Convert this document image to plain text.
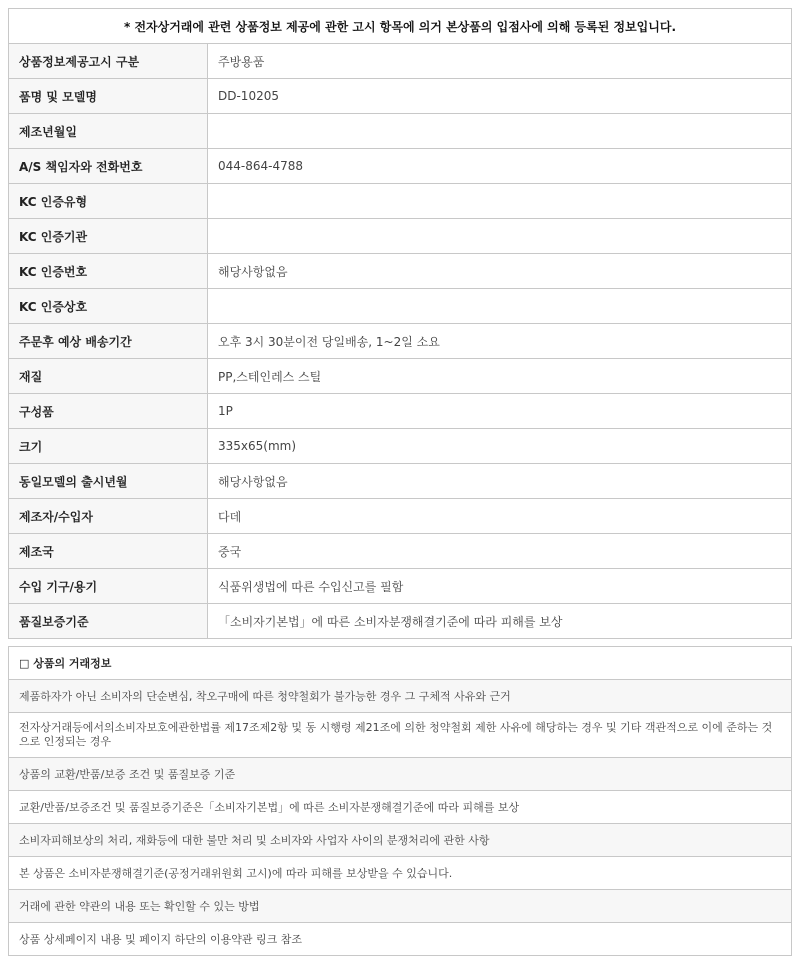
* 전자상거래에 관련 상품정보 제공에 관한 고시 항목에 의거 본상품의 입점사에 의해 등록된 정보입니다.	
상품정보제공고시 구분	주방용품
품명 및 모델명	DD-10205
제조년월일	
A/S 책임자와 전화번호	044-864-4788
KC 인증유형	
KC 인증기관	
KC 인증번호	해당사항없음
KC 인증상호	
주문후 예상 배송기간	오후 3시 30분이전 당일배송, 1~2일 소요
재질	PP,스테인레스 스틸
구성품	1P
크기	335x65(mm)
동일모델의 출시년월	해당사항없음
제조자/수입자	다데
제조국	중국
수입 기구/용기	식품위생법에 따른 수입신고를 필함
품질보증기준	「소비자기본법」에 따른 소비자분쟁해결기준에 따라 피해를 보상
□ 상품의 거래정보
제품하자가 아닌 소비자의 단순변심, 착오구매에 따른 청약철회가 불가능한 경우 그 구체적 사유와 근거
전자상거래등에서의소비자보호에관한법률 제17조제2항 및 동 시행령 제21조에 의한 청약철회 제한 사유에 해당하는 경우 및 기타 객관적으로 이에 준하는 것으로 인정되는 경우
상품의 교환/반품/보증 조건 및 품질보증 기준
교환/반품/보증조건 및 품질보증기준은「소비자기본법」에 따른 소비자분쟁해결기준에 따라 피해를 보상
소비자피해보상의 처리, 재화등에 대한 불만 처리 및 소비자와 사업자 사이의 분쟁처리에 관한 사항
본 상품은 소비자분쟁해결기준(공정거래위원회 고시)에 따라 피해를 보상받을 수 있습니다.
거래에 관한 약관의 내용 또는 확인할 수 있는 방법
상품 상세페이지 내용 및 페이지 하단의 이용약관 링크 참조
